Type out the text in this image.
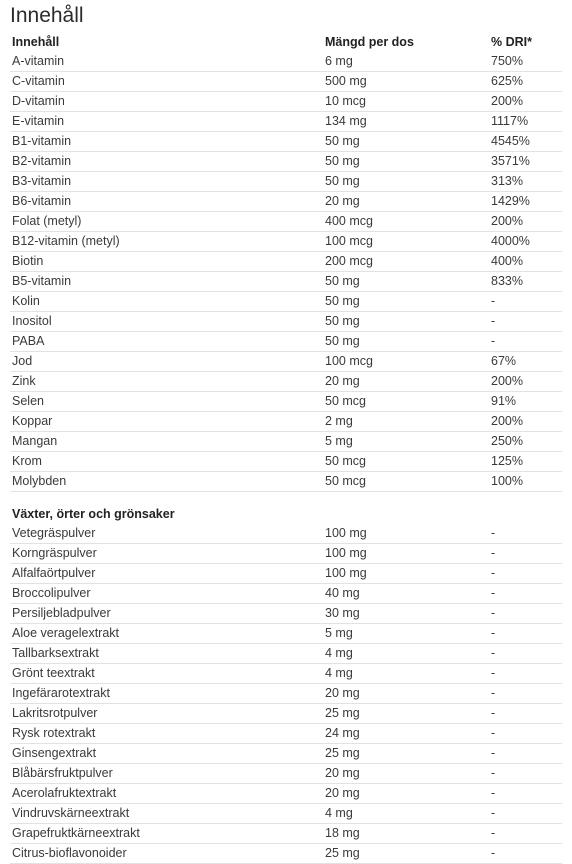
Innehåll
Innehåll	Mängd per dos	% DRI*
A-vitamin	6 mg	750%
C-vitamin	500 mg	625%
D-vitamin	10 mcg	200%
E-vitamin	134 mg	1117%
B1-vitamin	50 mg	4545%
B2-vitamin	50 mg	3571%
B3-vitamin	50 mg	313%
B6-vitamin	20 mg	1429%
Folat (metyl)	400 mcg	200%
B12-vitamin (metyl)	100 mcg	4000%
Biotin	200 mcg	400%
B5-vitamin	50 mg	833%
Kolin	50 mg	-
Inositol	50 mg	-
PABA	50 mg	-
Jod	100 mcg	67%
Zink	20 mg	200%
Selen	50 mcg	91%
Koppar	2 mg	200%
Mangan	5 mg	250%
Krom	50 mcg	125%
Molybden	50 mcg	100%
Växter, örter och grönsaker		
Vetegräspulver	100 mg	-
Korngräspulver	100 mg	-
Alfalfaörtpulver	100 mg	-
Broccolipulver	40 mg	-
Persiljebladpulver	30 mg	-
Aloe veragelextrakt	5 mg	-
Tallbarksextrakt	4 mg	-
Grönt teextrakt	4 mg	-
Ingefärarotextrakt	20 mg	-
Lakritsrotpulver	25 mg	-
Rysk rotextrakt	24 mg	-
Ginsengextrakt	25 mg	-
Blåbärsfruktpulver	20 mg	-
Acerolafruktextrakt	20 mg	-
Vindruvskärneextrakt	4 mg	-
Grapefruktkärneextrakt	18 mg	-
Citrus-bioflavonoider	25 mg	-
